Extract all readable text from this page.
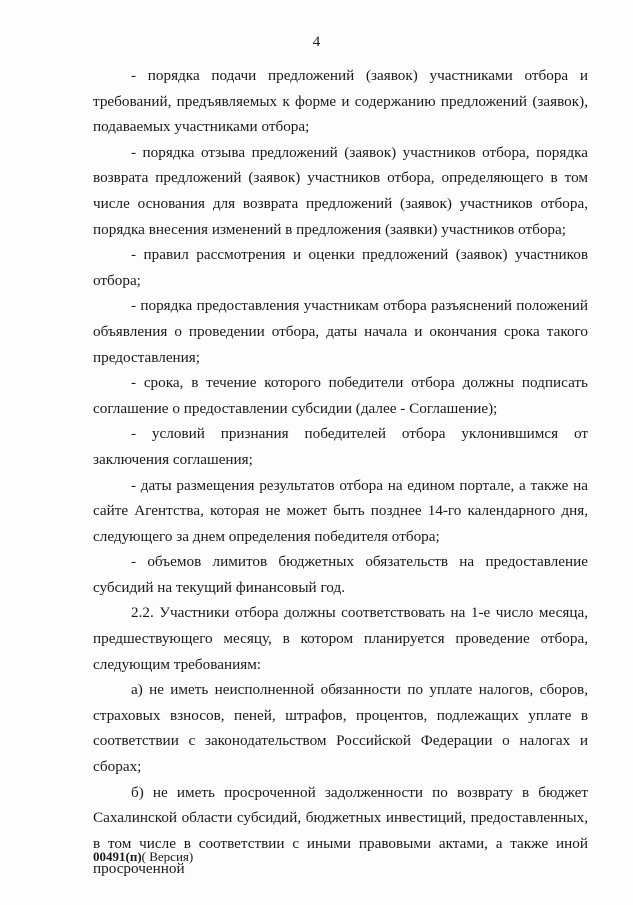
4

- порядка подачи предложений (заявок) участниками отбора и требований, предъявляемых к форме и содержанию предложений (заявок), подаваемых участниками отбора;

- порядка отзыва предложений (заявок) участников отбора, порядка возврата предложений (заявок) участников отбора, определяющего в том числе основания для возврата предложений (заявок) участников отбора, порядка внесения изменений в предложения (заявки) участников отбора;

- правил рассмотрения и оценки предложений (заявок) участников отбора;

- порядка предоставления участникам отбора разъяснений положений объявления о проведении отбора, даты начала и окончания срока такого предоставления;

- срока, в течение которого победители отбора должны подписать соглашение о предоставлении субсидии (далее - Соглашение);

- условий признания победителей отбора уклонившимся от заключения соглашения;

- даты размещения результатов отбора на едином портале, а также на сайте Агентства, которая не может быть позднее 14-го календарного дня, следующего за днем определения победителя отбора;

- объемов лимитов бюджетных обязательств на предоставление субсидий на текущий финансовый год.

2.2. Участники отбора должны соответствовать на 1-е число месяца, предшествующего месяцу, в котором планируется проведение отбора, следующим требованиям:

а) не иметь неисполненной обязанности по уплате налогов, сборов, страховых взносов, пеней, штрафов, процентов, подлежащих уплате в соответствии с законодательством Российской Федерации о налогах и сборах;

б) не иметь просроченной задолженности по возврату в бюджет Сахалинской области субсидий, бюджетных инвестиций, предоставленных, в том числе в соответствии с иными правовыми актами, а также иной просроченной

00491(п)( Версия)
